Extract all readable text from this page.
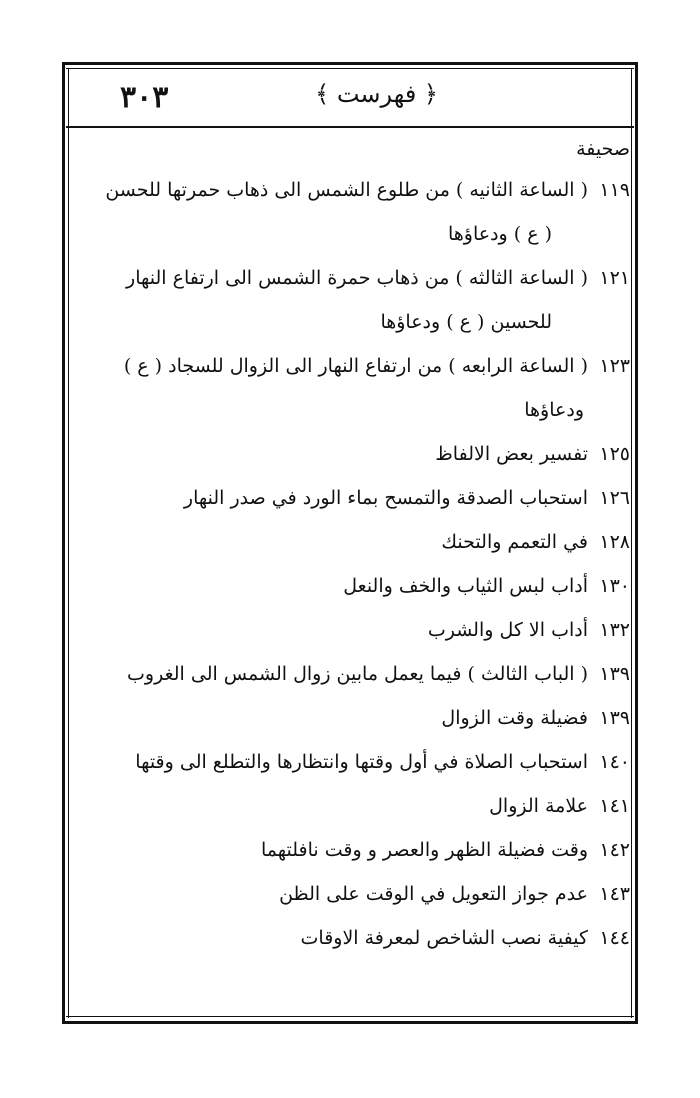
﴿ فهرست ﴾
٣٠٣
صحيفة
١١٩
( الساعة الثانيه ) من طلوع الشمس الى ذهاب حمرتها للحسن
( ع ) ودعاؤها
١٢١
( الساعة الثالثه ) من ذهاب حمرة الشمس الى ارتفاع النهار
للحسين ( ع ) ودعاؤها
١٢٣
( الساعة الرابعه ) من ارتفاع النهار الى الزوال للسجاد ( ع )
ودعاؤها
١٢٥
تفسير بعض الالفاظ
١٢٦
استحباب الصدقة والتمسح بماء الورد في صدر النهار
١٢٨
في التعمم والتحنك
١٣٠
أداب لبس الثياب والخف والنعل
١٣٢
أداب الا كل والشرب
١٣٩
( الباب الثالث ) فيما يعمل مابين زوال الشمس الى الغروب
١٣٩
فضيلة وقت الزوال
١٤٠
استحباب الصلاة في أول وقتها وانتظارها والتطلع الى وقتها
١٤١
علامة الزوال
١٤٢
وقت فضيلة الظهر والعصر و وقت نافلتهما
١٤٣
عدم جواز التعويل في الوقت على الظن
١٤٤
كيفية نصب الشاخص لمعرفة الاوقات
